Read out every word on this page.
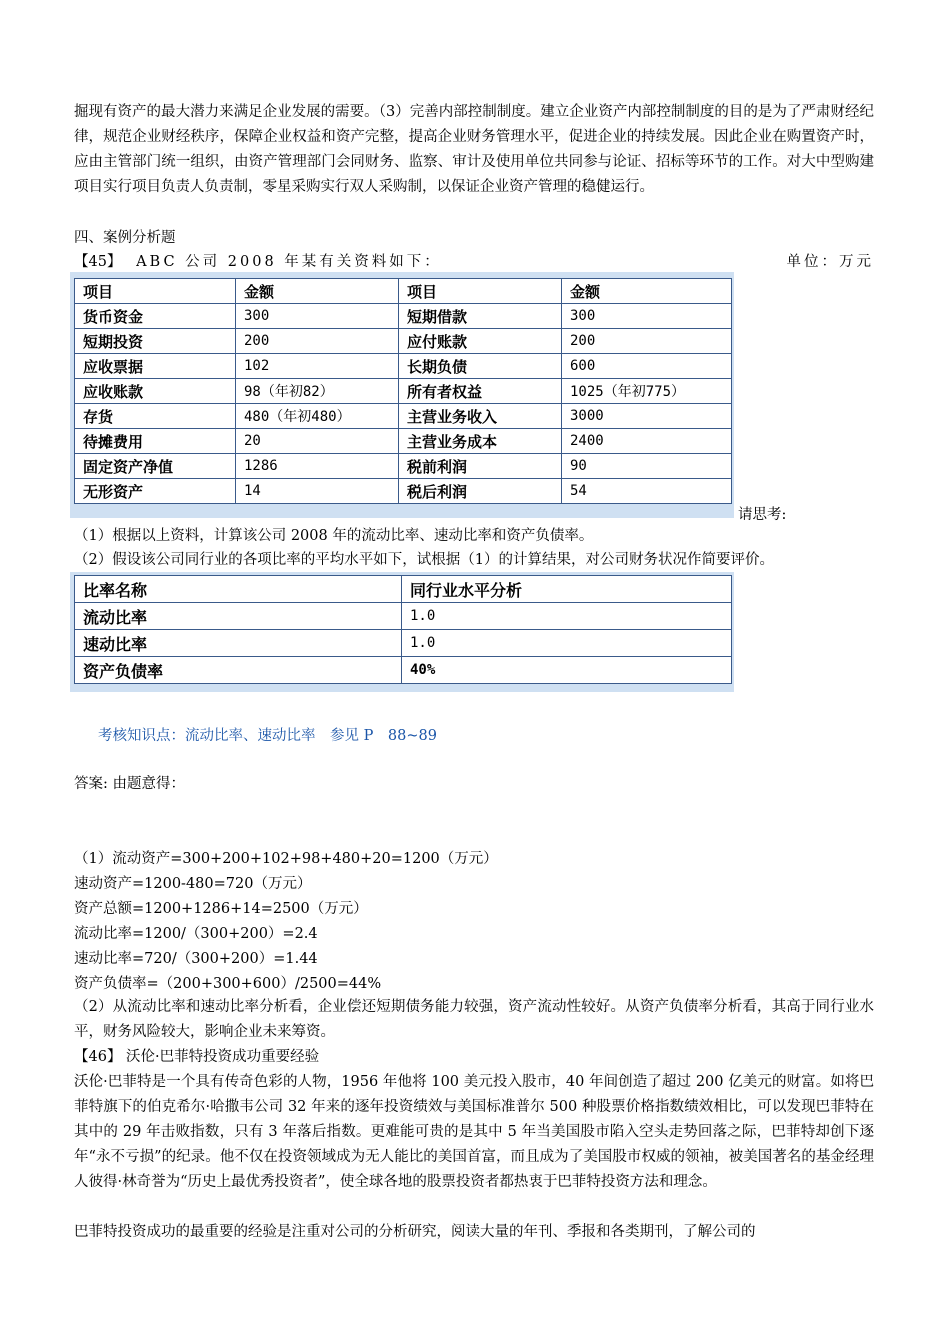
掘现有资产的最大潜力来满足企业发展的需要。（3）完善内部控制制度。建立企业资产内部控制制度的目的是为了严肃财经纪律，规范企业财经秩序，保障企业权益和资产完整，提高企业财务管理水平，促进企业的持续发展。因此企业在购置资产时，应由主管部门统一组织，由资产管理部门会同财务、监察、审计及使用单位共同参与论证、招标等环节的工作。对大中型购建项目实行项目负责人负责制，零星采购实行双人采购制，以保证企业资产管理的稳健运行。

四、案例分析题
【45】 ABC 公司 2008 年某有关资料如下：	单位：万元
项目	金额	项目	金额
货币资金	300	短期借款	300
短期投资	200	应付账款	200
应收票据	102	长期负债	600
应收账款	98（年初82）	所有者权益	1025（年初775）
存货	480（年初480）	主营业务收入	3000
待摊费用	20	主营业务成本	2400
固定资产净值	1286	税前利润	90
无形资产	14	税后利润	54
请思考:
（1）根据以上资料，计算该公司 2008 年的流动比率、速动比率和资产负债率。
（2）假设该公司同行业的各项比率的平均水平如下，试根据（1）的计算结果，对公司财务状况作简要评价。
比率名称	同行业水平分析
流动比率	1.0
速动比率	1.0
资产负债率	40%
考核知识点：流动比率、速动比率　参见 P　88~89
答案: 由题意得：
（1）流动资产=300+200+102+98+480+20=1200（万元）
速动资产=1200-480=720（万元）
资产总额=1200+1286+14=2500（万元）
流动比率=1200/（300+200）=2.4
速动比率=720/（300+200）=1.44
资产负债率=（200+300+600）/2500=44%

（2）从流动比率和速动比率分析看，企业偿还短期债务能力较强，资产流动性较好。从资产负债率分析看，其高于同行业水平，财务风险较大，影响企业未来筹资。

【46】 沃伦·巴菲特投资成功重要经验

沃伦·巴菲特是一个具有传奇色彩的人物，1956 年他将 100 美元投入股市，40 年间创造了超过 200 亿美元的财富。如将巴菲特旗下的伯克希尔·哈撒韦公司 32 年来的逐年投资绩效与美国标准普尔 500 种股票价格指数绩效相比，可以发现巴菲特在其中的 29 年击败指数，只有 3 年落后指数。更难能可贵的是其中 5 年当美国股市陷入空头走势回落之际，巴菲特却创下逐年“永不亏损”的纪录。他不仅在投资领域成为无人能比的美国首富，而且成为了美国股市权威的领袖，被美国著名的基金经理人彼得·林奇誉为“历史上最优秀投资者”，使全球各地的股票投资者都热衷于巴菲特投资方法和理念。

巴菲特投资成功的最重要的经验是注重对公司的分析研究，阅读大量的年刊、季报和各类期刊，了解公司的
